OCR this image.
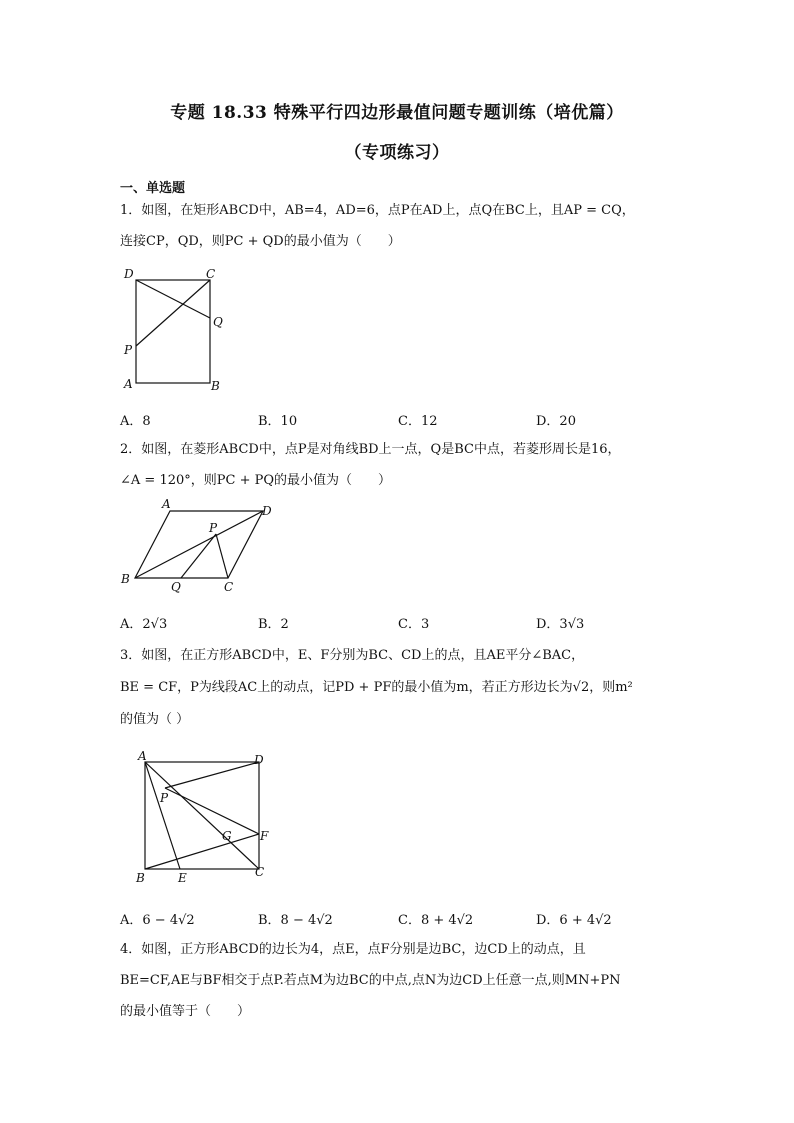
专题 18.33 特殊平行四边形最值问题专题训练（培优篇）
（专项练习）
一、单选题
1．如图，在矩形ABCD中，AB=4，AD=6，点P在AD上，点Q在BC上，且AP = CQ，
连接CP，QD，则PC + QD的最小值为（　　）
D	C
Q
P
A	B
A．8	B．10	C．12	D．20
2．如图，在菱形ABCD中，点P是对角线BD上一点，Q是BC中点，若菱形周长是16，
∠A = 120°，则PC + PQ的最小值为（　　）
A	D
P
B
Q	C
A．2√3	B．2	C．3	D．3√3
3．如图，在正方形ABCD中，E、F分别为BC、CD上的点，且AE平分∠BAC，
BE = CF，P为线段AC上的动点，记PD + PF的最小值为m，若正方形边长为√2，则m²
的值为（ ）
A	D
P
G F
B	E	C
A．6 − 4√2	B．8 − 4√2	C．8 + 4√2	D．6 + 4√2
4．如图，正方形ABCD的边长为4，点E，点F分别是边BC，边CD上的动点，且
BE=CF,AE与BF相交于点P.若点M为边BC的中点,点N为边CD上任意一点,则MN+PN
的最小值等于（　　）
